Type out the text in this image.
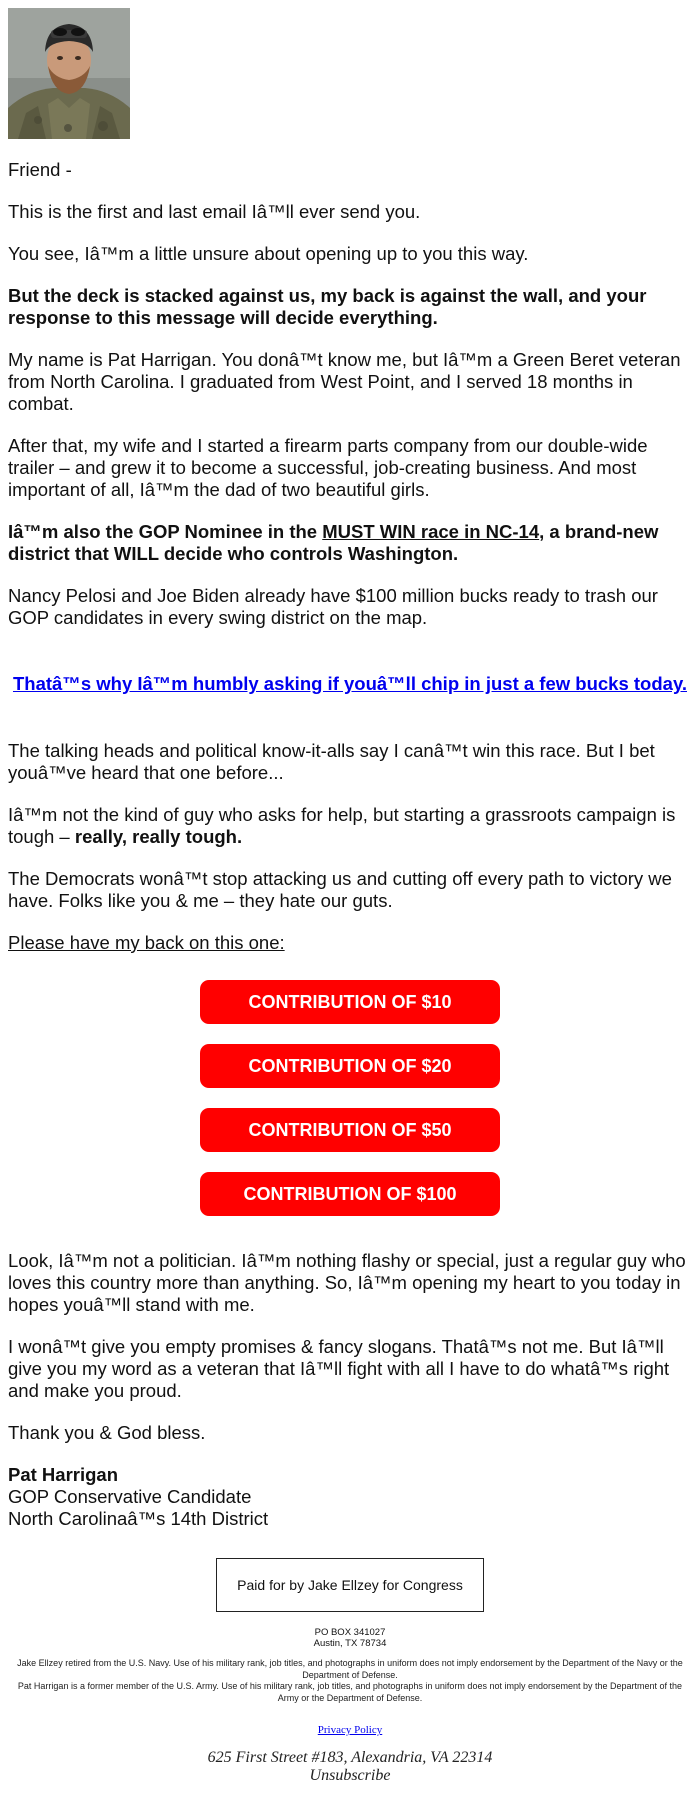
Friend -

This is the first and last email Iâ™ll ever send you.

You see, Iâ™m a little unsure about opening up to you this way.

But the deck is stacked against us, my back is against the wall, and your response to this message will decide everything.

My name is Pat Harrigan. You donâ™t know me, but Iâ™m a Green Beret veteran from North Carolina. I graduated from West Point, and I served 18 months in combat.

After that, my wife and I started a firearm parts company from our double-wide trailer – and grew it to become a successful, job-creating business. And most important of all, Iâ™m the dad of two beautiful girls.

Iâ™m also the GOP Nominee in the MUST WIN race in NC-14, a brand-new district that WILL decide who controls Washington.

Nancy Pelosi and Joe Biden already have $100 million bucks ready to trash our GOP candidates in every swing district on the map.

Thatâ™s why Iâ™m humbly asking if youâ™ll chip in just a few bucks today.

The talking heads and political know-it-alls say I canâ™t win this race. But I bet youâ™ve heard that one before...

Iâ™m not the kind of guy who asks for help, but starting a grassroots campaign is tough – really, really tough.

The Democrats wonâ™t stop attacking us and cutting off every path to victory we have. Folks like you & me – they hate our guts.

Please have my back on this one:

CONTRIBUTION OF $10
CONTRIBUTION OF $20
CONTRIBUTION OF $50
CONTRIBUTION OF $100

Look, Iâ™m not a politician. Iâ™m nothing flashy or special, just a regular guy who loves this country more than anything. So, Iâ™m opening my heart to you today in hopes youâ™ll stand with me.

I wonâ™t give you empty promises & fancy slogans. Thatâ™s not me. But Iâ™ll give you my word as a veteran that Iâ™ll fight with all I have to do whatâ™s right and make you proud.

Thank you & God bless.

Pat Harrigan
GOP Conservative Candidate
North Carolinaâ™s 14th District
Paid for by Jake Ellzey for Congress
PO BOX 341027
Austin, TX 78734
Jake Ellzey retired from the U.S. Navy. Use of his military rank, job titles, and photographs in uniform does not imply endorsement by the Department of the Navy or the Department of Defense.
Pat Harrigan is a former member of the U.S. Army. Use of his military rank, job titles, and photographs in uniform does not imply endorsement by the Department of the Army or the Department of Defense.
Privacy Policy
625 First Street #183, Alexandria, VA 22314
Unsubscribe
